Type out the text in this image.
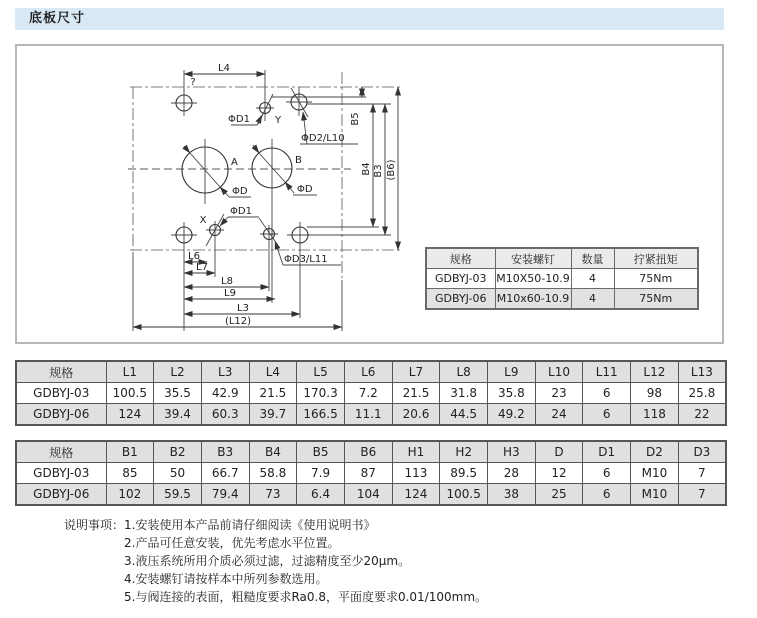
底板尺寸
L4
?
ΦD1	Y
ΦD2/L10
A	B
ΦD	ΦD
X
ΦD1
ΦD3/L11
B5
B4 B3 (B6)
L6
L7
L8
L9
L3
(L12)
规格	安装螺钉	数量	拧紧扭矩
GDBYJ-03	M10X50-10.9	4	75Nm
GDBYJ-06	M10x60-10.9	4	75Nm
规格	L1	L2	L3	L4	L5	L6	L7	L8	L9	L10	L11	L12	L13
GDBYJ-03	100.5	35.5	42.9	21.5	170.3	7.2	21.5	31.8	35.8	23	6	98	25.8
GDBYJ-06	124	39.4	60.3	39.7	166.5	11.1	20.6	44.5	49.2	24	6	118	22
规格	B1	B2	B3	B4	B5	B6	H1	H2	H3	D	D1	D2	D3
GDBYJ-03	85	50	66.7	58.8	7.9	87	113	89.5	28	12	6	M10	7
GDBYJ-06	102	59.5	79.4	73	6.4	104	124	100.5	38	25	6	M10	7
说明事项： 1.安装使用本产品前请仔细阅读《使用说明书》
2.产品可任意安装，优先考虑水平位置。
3.液压系统所用介质必须过滤，过滤精度至少20μm。
4.安装螺钉请按样本中所列参数选用。
5.与阀连接的表面，粗糙度要求Ra0.8，平面度要求0.01/100mm。
